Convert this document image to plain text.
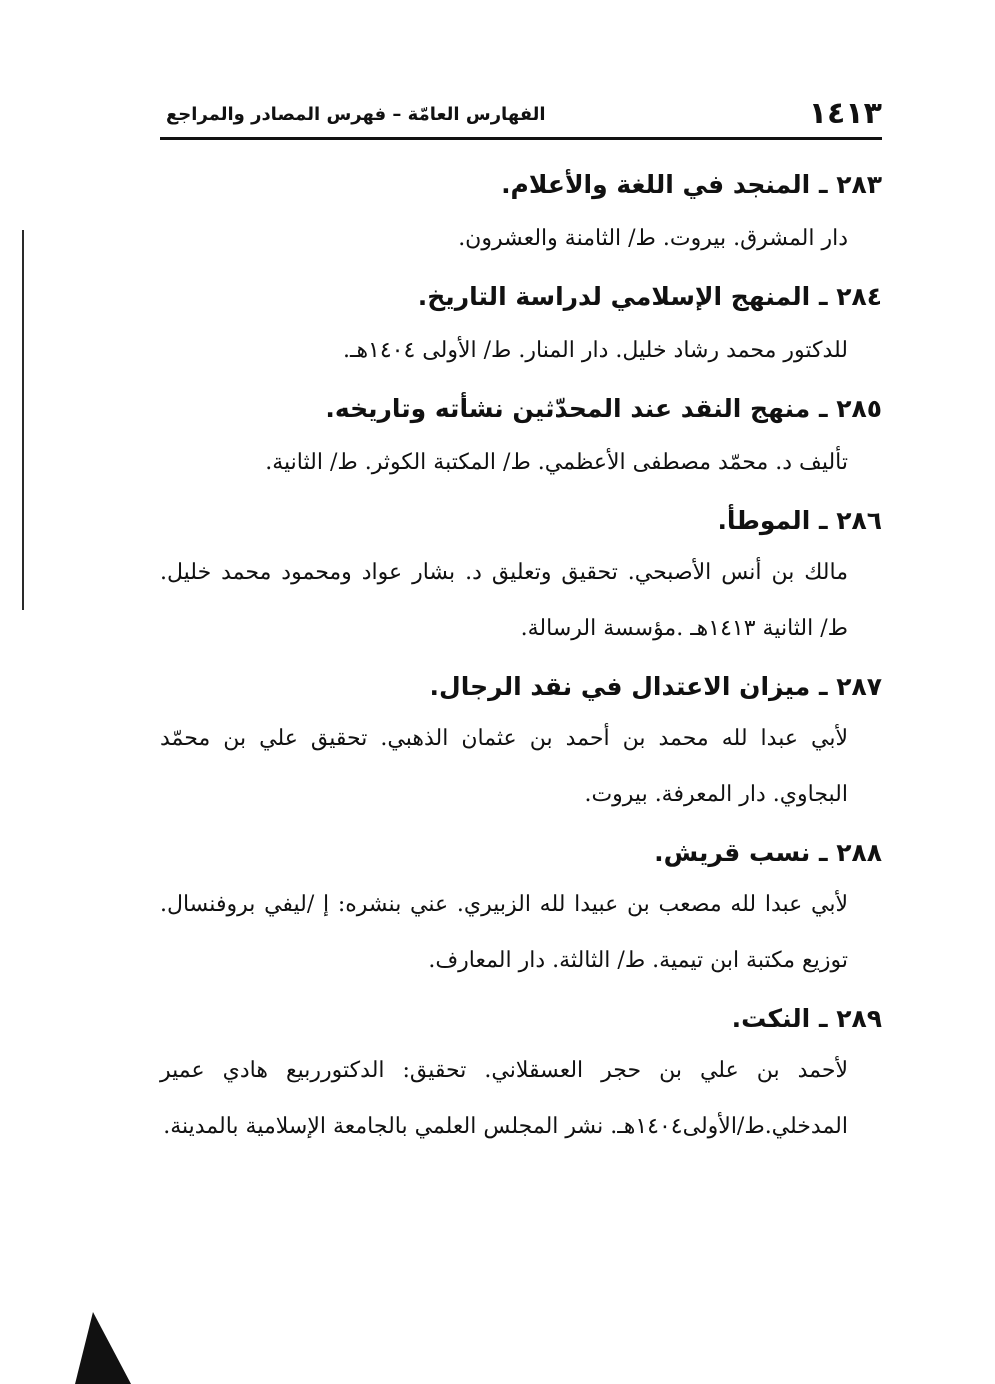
١٤١٣
الفهارس العامّة – فهرس المصادر والمراجع

٢٨٣ ـ المنجد في اللغة والأعلام.

دار المشرق. بيروت. ط/ الثامنة والعشرون.

٢٨٤ ـ المنهج الإسلامي لدراسة التاريخ.

للدكتور محمد رشاد خليل. دار المنار. ط/ الأولى ١٤٠٤هـ.

٢٨٥ ـ منهج النقد عند المحدّثين نشأته وتاريخه.

تأليف د. محمّد مصطفى الأعظمي. ط/ المكتبة الكوثر. ط/ الثانية.

٢٨٦ ـ الموطأ.

مالك بن أنس الأصبحي. تحقيق وتعليق د. بشار عواد ومحمود محمد خليل. ط/ الثانية ١٤١٣هـ .مؤسسة الرسالة.

٢٨٧ ـ ميزان الاعتدال في نقد الرجال.

لأبي عبدا لله محمد بن أحمد بن عثمان الذهبي. تحقيق علي بن محمّد البجاوي. دار المعرفة. بيروت.

٢٨٨ ـ نسب قريش.

لأبي عبدا لله مصعب بن عبيدا لله الزبيري. عني بنشره: إ /ليفي بروفنسال. توزيع مكتبة ابن تيمية. ط/ الثالثة. دار المعارف.

٢٨٩ ـ النكت.

لأحمد بن علي بن حجر العسقلاني. تحقيق: الدكتورربيع هادي عمير المدخلي.ط/الأولى١٤٠٤هـ. نشر المجلس العلمي بالجامعة الإسلامية بالمدينة.
